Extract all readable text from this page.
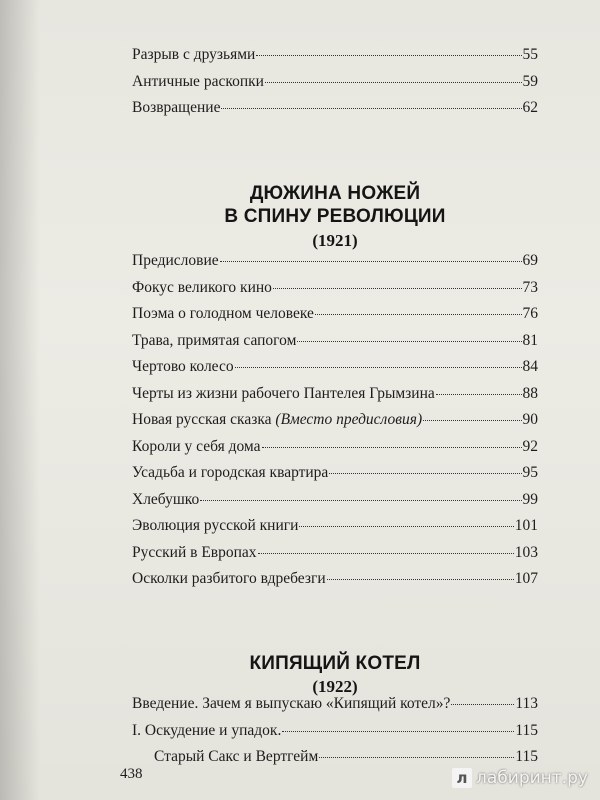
Разрыв с друзьями	55
Античные раскопки	59
Возвращение	62
ДЮЖИНА НОЖЕЙ
В СПИНУ РЕВОЛЮЦИИ
(1921)
Предисловие	69
Фокус великого кино	73
Поэма о голодном человеке	76
Трава, примятая сапогом	81
Чертово колесо	84
Черты из жизни рабочего Пантелея Грымзина	88
Новая русская сказка (Вместо предисловия)	90
Короли у себя дома	92
Усадьба и городская квартира	95
Хлебушко	99
Эволюция русской книги	101
Русский в Европах	103
Осколки разбитого вдребезги	107
КИПЯЩИЙ КОТЕЛ
(1922)
Введение. Зачем я выпускаю «Кипящий котел»?	113
I. Оскудение и упадок.	115
Старый Сакс и Вертгейм	115
438	л лабиринт.ру
